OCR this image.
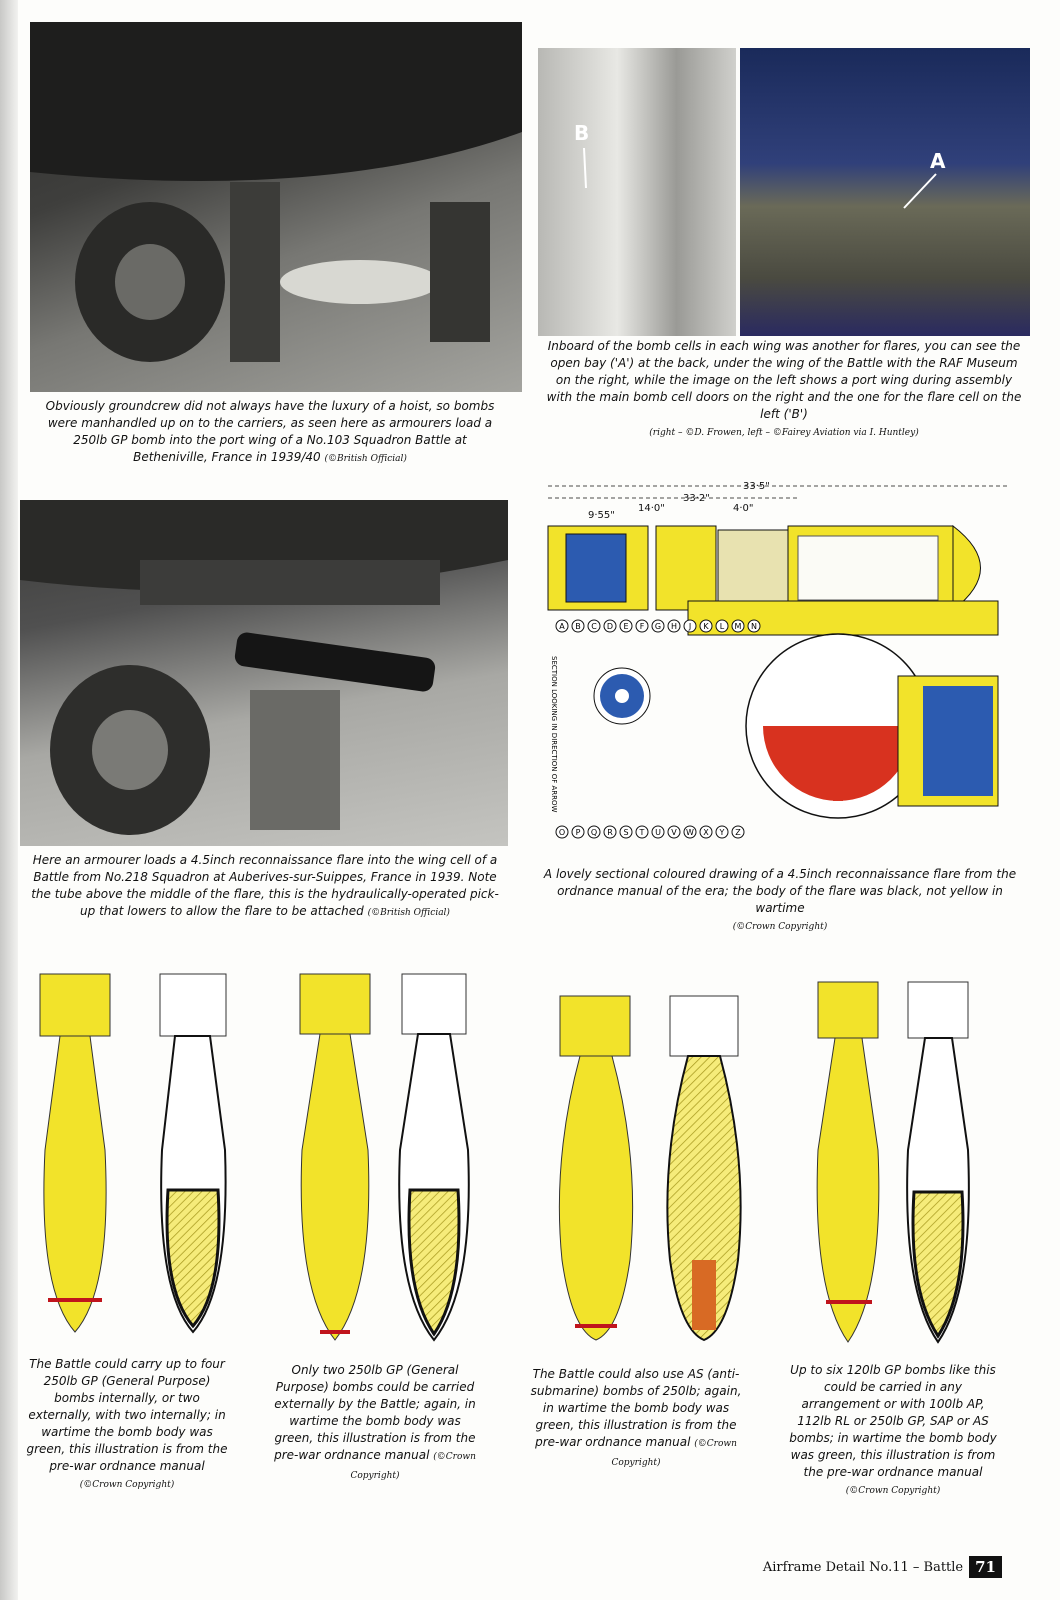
Obviously groundcrew did not always have the luxury of a hoist, so bombs were manhandled up on to the carriers, as seen here as armourers load a 250lb GP bomb into the port wing of a No.103 Squadron Battle at Betheniville, France in 1939/40 (©British Official)
B
A
Inboard of the bomb cells in each wing was another for flares, you can see the open bay ('A') at the back, under the wing of the Battle with the RAF Museum on the right, while the image on the left shows a port wing during assembly with the main bomb cell doors on the right and the one for the flare cell on the left ('B')
(right – ©D. Frowen, left – ©Fairey Aviation via I. Huntley)
Here an armourer loads a 4.5inch reconnaissance flare into the wing cell of a Battle from No.218 Squadron at Auberives-sur-Suippes, France in 1939. Note the tube above the middle of the flare, this is the hydraulically-operated pick-up that lowers to allow the flare to be attached (©British Official)
33·5"
33·2"
14·0"	4·0"
9·55"
SECTION LOOKING IN DIRECTION OF ARROW
A B C D E F G H J K L M N
O P Q R S T U V W X Y Z
A lovely sectional coloured drawing of a 4.5inch reconnaissance flare from the ordnance manual of the era; the body of the flare was black, not yellow in wartime
(©Crown Copyright)
The Battle could carry up to four 250lb GP (General Purpose) bombs internally, or two externally, with two internally; in wartime the bomb body was green, this illustration is from the pre-war ordnance manual
(©Crown Copyright)
Only two 250lb GP (General Purpose) bombs could be carried externally by the Battle; again, in wartime the bomb body was green, this illustration is from the pre-war ordnance manual (©Crown Copyright)
The Battle could also use AS (anti-submarine) bombs of 250lb; again, in wartime the bomb body was green, this illustration is from the pre-war ordnance manual (©Crown Copyright)
Up to six 120lb GP bombs like this could be carried in any arrangement or with 100lb AP, 112lb RL or 250lb GP, SAP or AS bombs; in wartime the bomb body was green, this illustration is from the pre-war ordnance manual (©Crown Copyright)
Airframe Detail No.11 – Battle 71
